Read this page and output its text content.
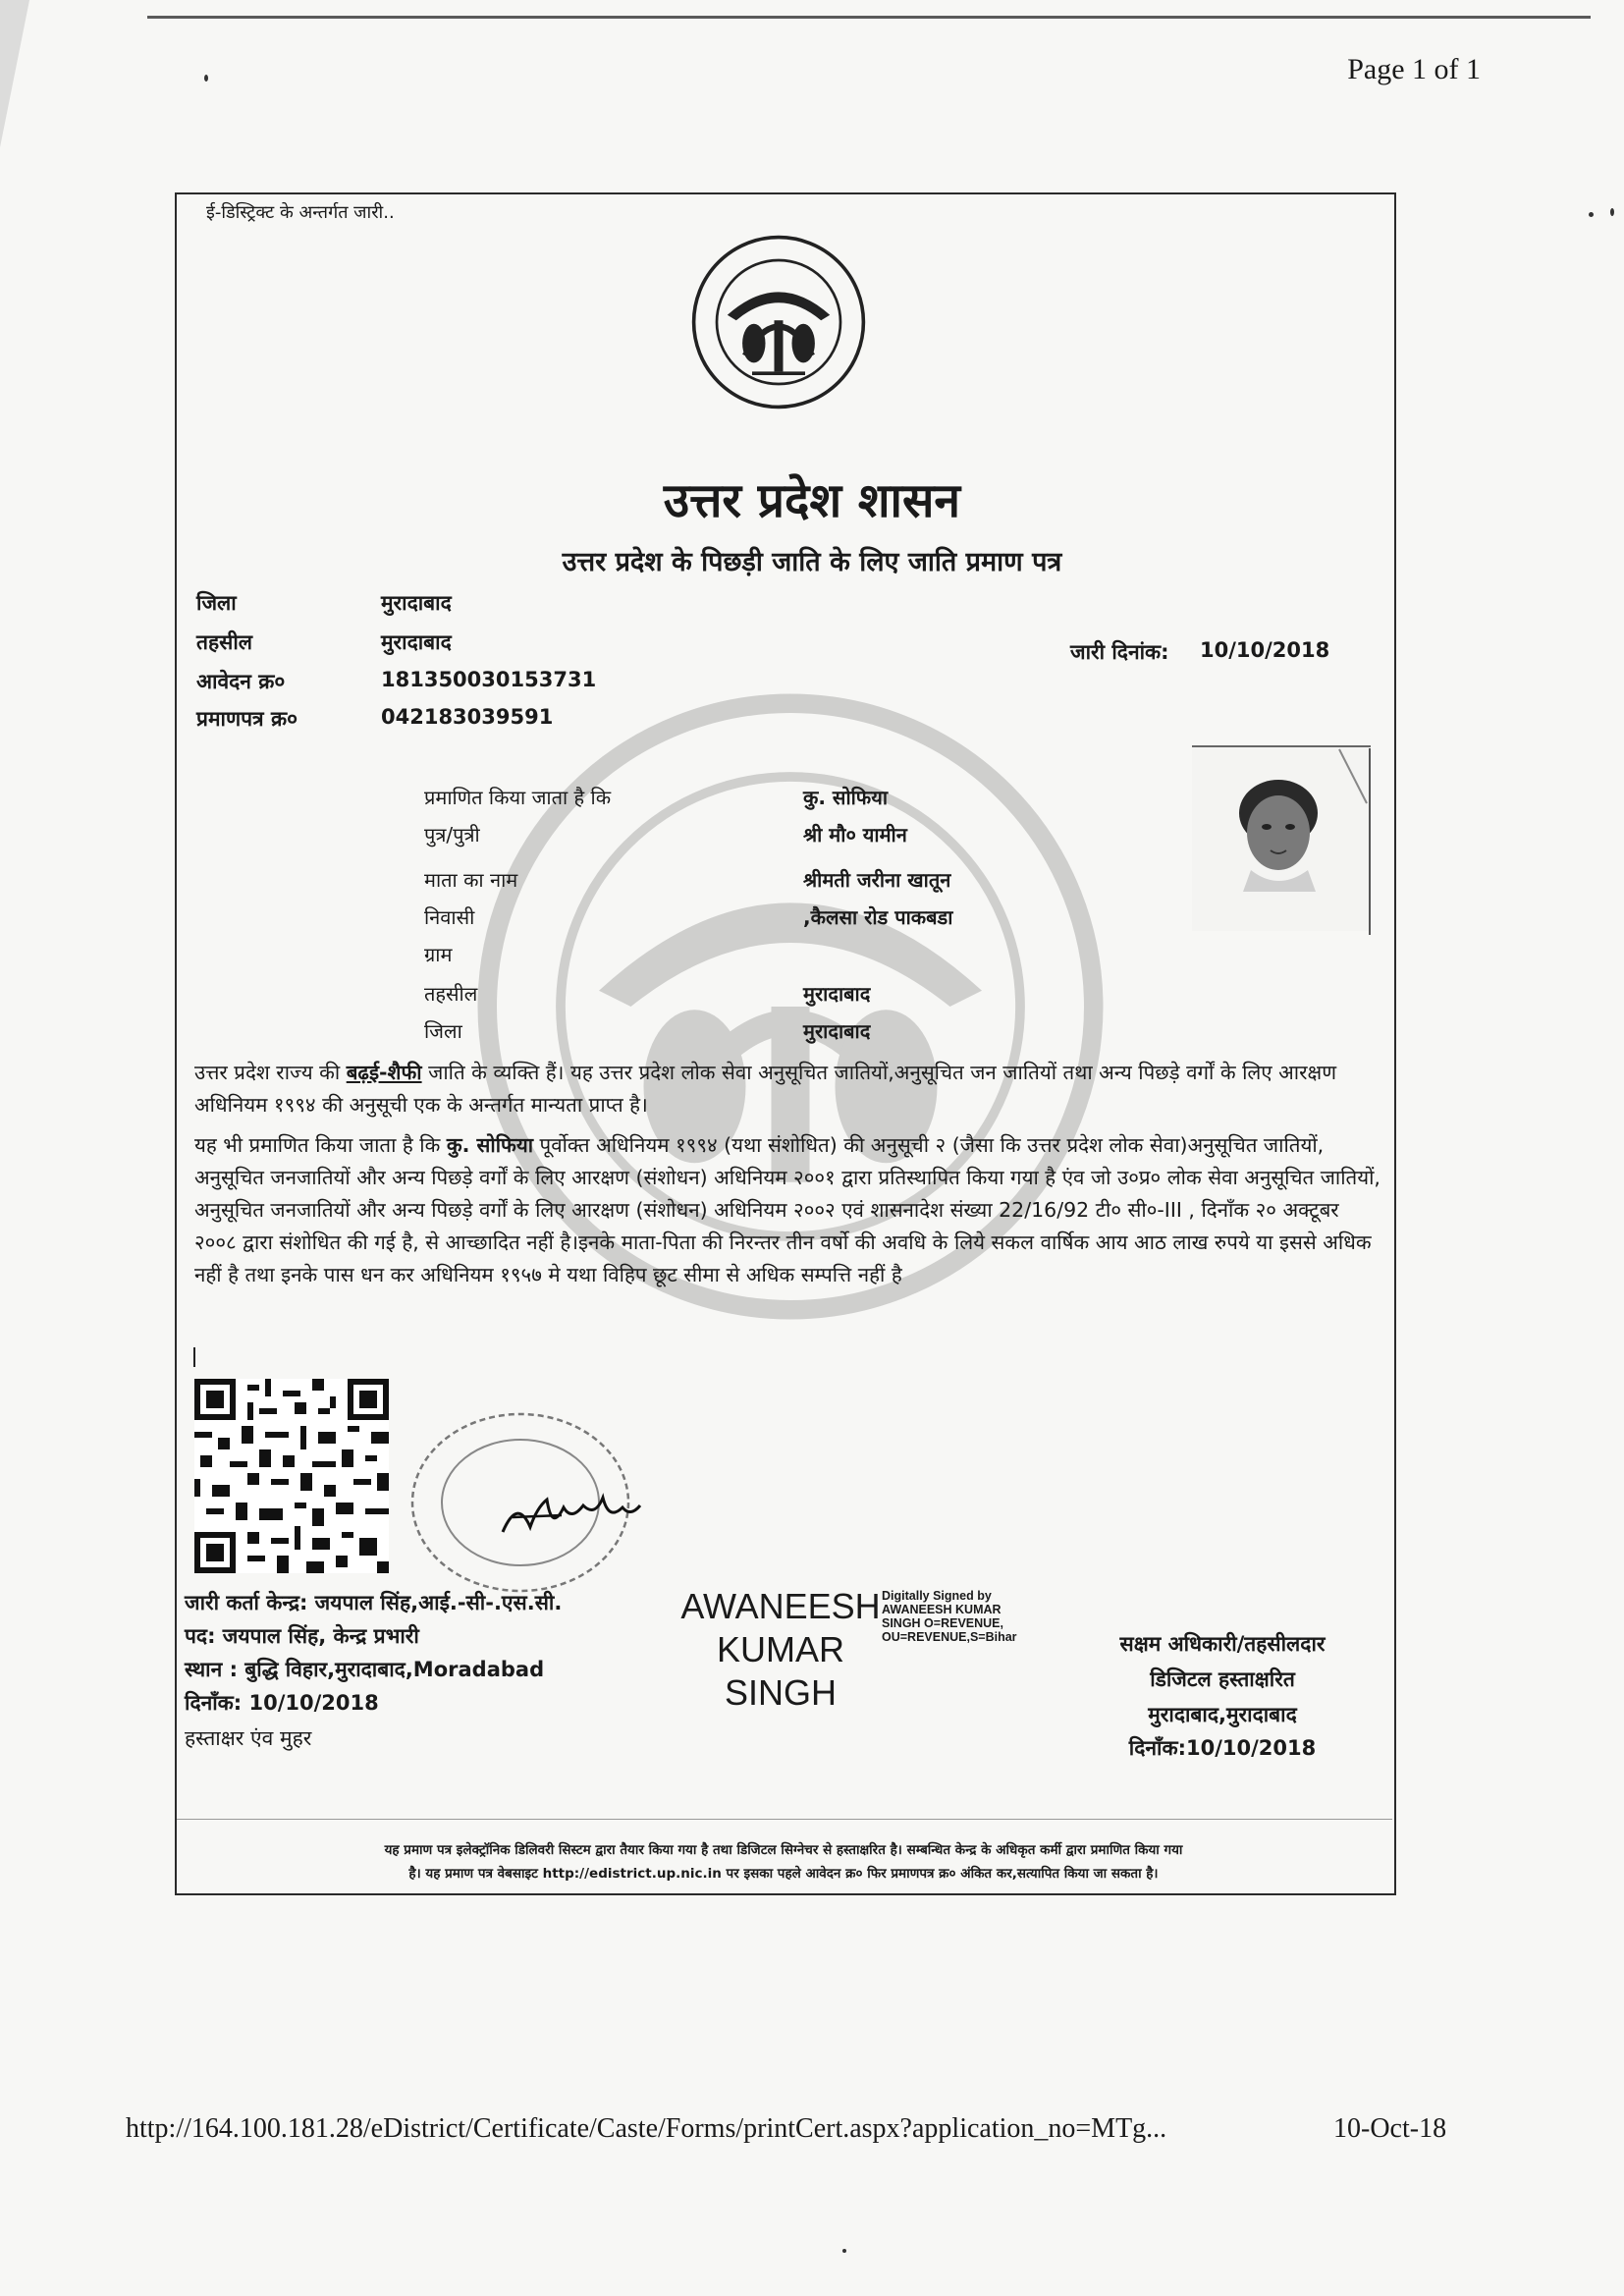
Page 1 of 1
ई-डिस्ट्रिक्ट के अन्तर्गत जारी..
उत्तर प्रदेश शासन
उत्तर प्रदेश के पिछड़ी जाति के लिए जाति प्रमाण पत्र
जिला	मुरादाबाद
तहसील	मुरादाबाद
आवेदन क्र०	181350030153731
प्रमाणपत्र क्र०	042183039591
जारी दिनांक: 10/10/2018
प्रमाणित किया जाता है कि	कु. सोफिया
पुत्र/पुत्री	श्री मौ० यामीन
माता का नाम	श्रीमती जरीना खातून
निवासी	,कैलसा रोड पाकबडा
ग्राम
तहसील	मुरादाबाद
जिला	मुरादाबाद
उत्तर प्रदेश राज्य की बढ़ई-शैफी जाति के व्यक्ति हैं। यह उत्तर प्रदेश लोक सेवा अनुसूचित जातियों,अनुसूचित जन जातियों तथा अन्य पिछड़े वर्गों के लिए आरक्षण अधिनियम १९९४ की अनुसूची एक के अन्तर्गत मान्यता प्राप्त है।
यह भी प्रमाणित किया जाता है कि कु. सोफिया पूर्वोक्त अधिनियम १९९४ (यथा संशोधित) की अनुसूची २ (जैसा कि उत्तर प्रदेश लोक सेवा)अनुसूचित जातियों, अनुसूचित जनजातियों और अन्य पिछड़े वर्गों के लिए आरक्षण (संशोधन) अधिनियम २००१ द्वारा प्रतिस्थापित किया गया है एंव जो उ०प्र० लोक सेवा अनुसूचित जातियों, अनुसूचित जनजातियों और अन्य पिछड़े वर्गों के लिए आरक्षण (संशोधन) अधिनियम २००२ एवं शासनादेश संख्या 22/16/92 टी० सी०-III , दिनाँक २० अक्टूबर २००८ द्वारा संशोधित की गई है, से आच्छादित नहीं है।इनके माता-पिता की निरन्तर तीन वर्षो की अवधि के लिये सकल वार्षिक आय आठ लाख रुपये या इससे अधिक नहीं है तथा इनके पास धन कर अधिनियम १९५७ मे यथा विहिप छूट सीमा से अधिक सम्पत्ति नहीं है
जारी कर्ता केन्द्र: जयपाल सिंह,आई.-सी-.एस.सी.
पद: जयपाल सिंह, केन्द्र प्रभारी
स्थान : बुद्धि विहार,मुरादाबाद,Moradabad
दिनाँक: 10/10/2018
हस्ताक्षर एंव मुहर
AWANEESH
KUMAR
SINGH
Digitally Signed by
AWANEESH KUMAR
SINGH O=REVENUE,
OU=REVENUE,S=Bihar	सक्षम अधिकारी/तहसीलदार
डिजिटल हस्ताक्षरित
मुरादाबाद,मुरादाबाद
दिनाँक:10/10/2018
यह प्रमाण पत्र इलेक्ट्रॉनिक डिलिवरी सिस्टम द्वारा तैयार किया गया है तथा डिजिटल सिग्नेचर से हस्ताक्षरित है। सम्बन्धित केन्द्र के अधिकृत कर्मी द्वारा प्रमाणित किया गया
है। यह प्रमाण पत्र वेबसाइट http://edistrict.up.nic.in पर इसका पहले आवेदन क्र० फिर प्रमाणपत्र क्र० अंकित कर,सत्यापित किया जा सकता है।
http://164.100.181.28/eDistrict/Certificate/Caste/Forms/printCert.aspx?application_no=MTg...	10-Oct-18
